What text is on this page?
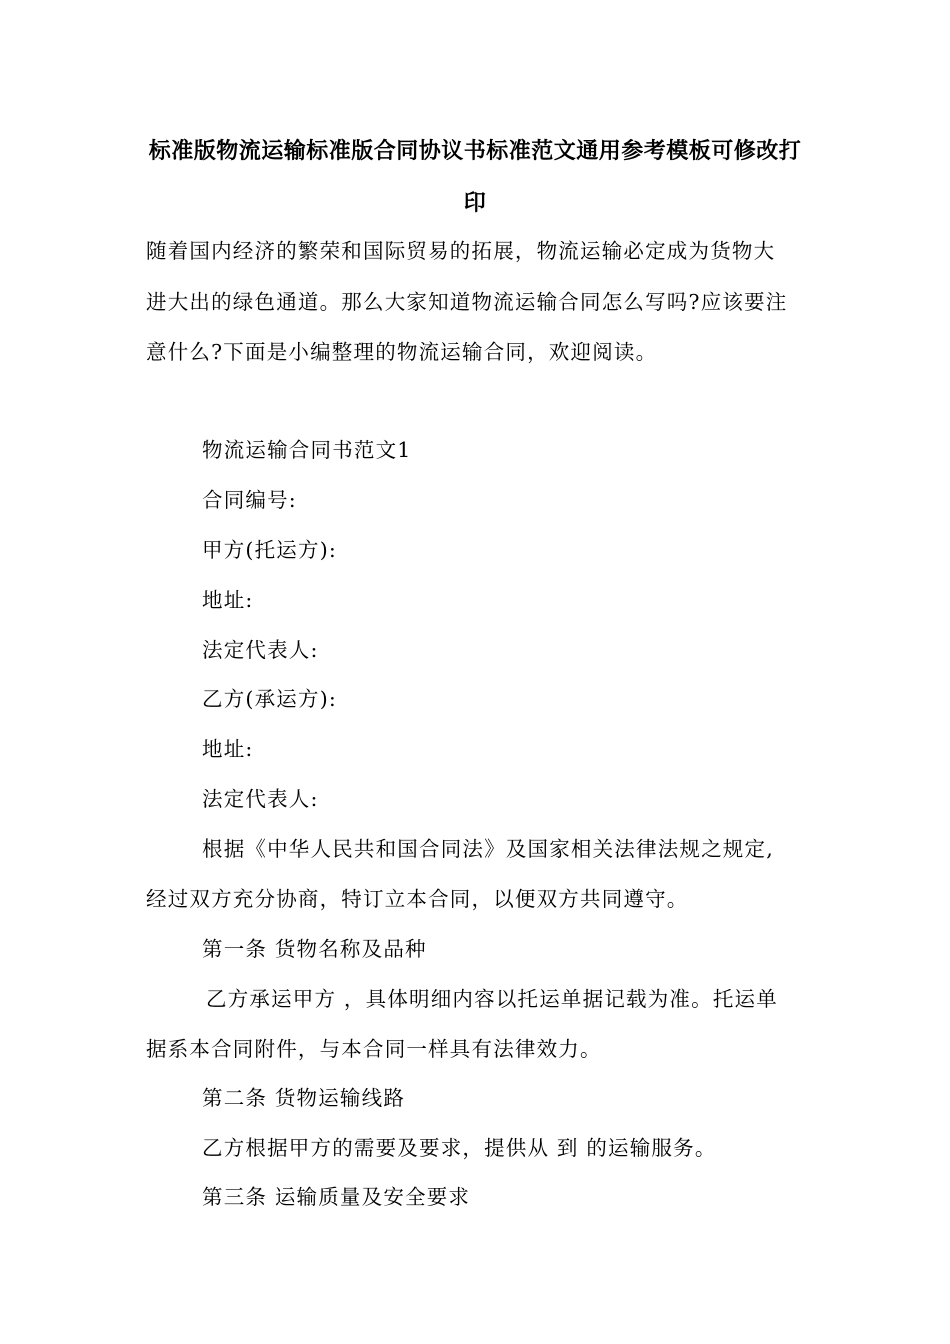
标准版物流运输标准版合同协议书标准范文通用参考模板可修改打印
随着国内经济的繁荣和国际贸易的拓展，物流运输必定成为货物大
进大出的绿色通道。那么大家知道物流运输合同怎么写吗?应该要注
意什么?下面是小编整理的物流运输合同，欢迎阅读。
物流运输合同书范文1
合同编号:
甲方(托运方):
地址:
法定代表人:
乙方(承运方):
地址:
法定代表人:
根据《中华人民共和国合同法》及国家相关法律法规之规定,
经过双方充分协商，特订立本合同，以便双方共同遵守。
第一条 货物名称及品种
乙方承运甲方 ，具体明细内容以托运单据记载为准。托运单
据系本合同附件，与本合同一样具有法律效力。
第二条 货物运输线路
乙方根据甲方的需要及要求，提供从 到 的运输服务。
第三条 运输质量及安全要求
